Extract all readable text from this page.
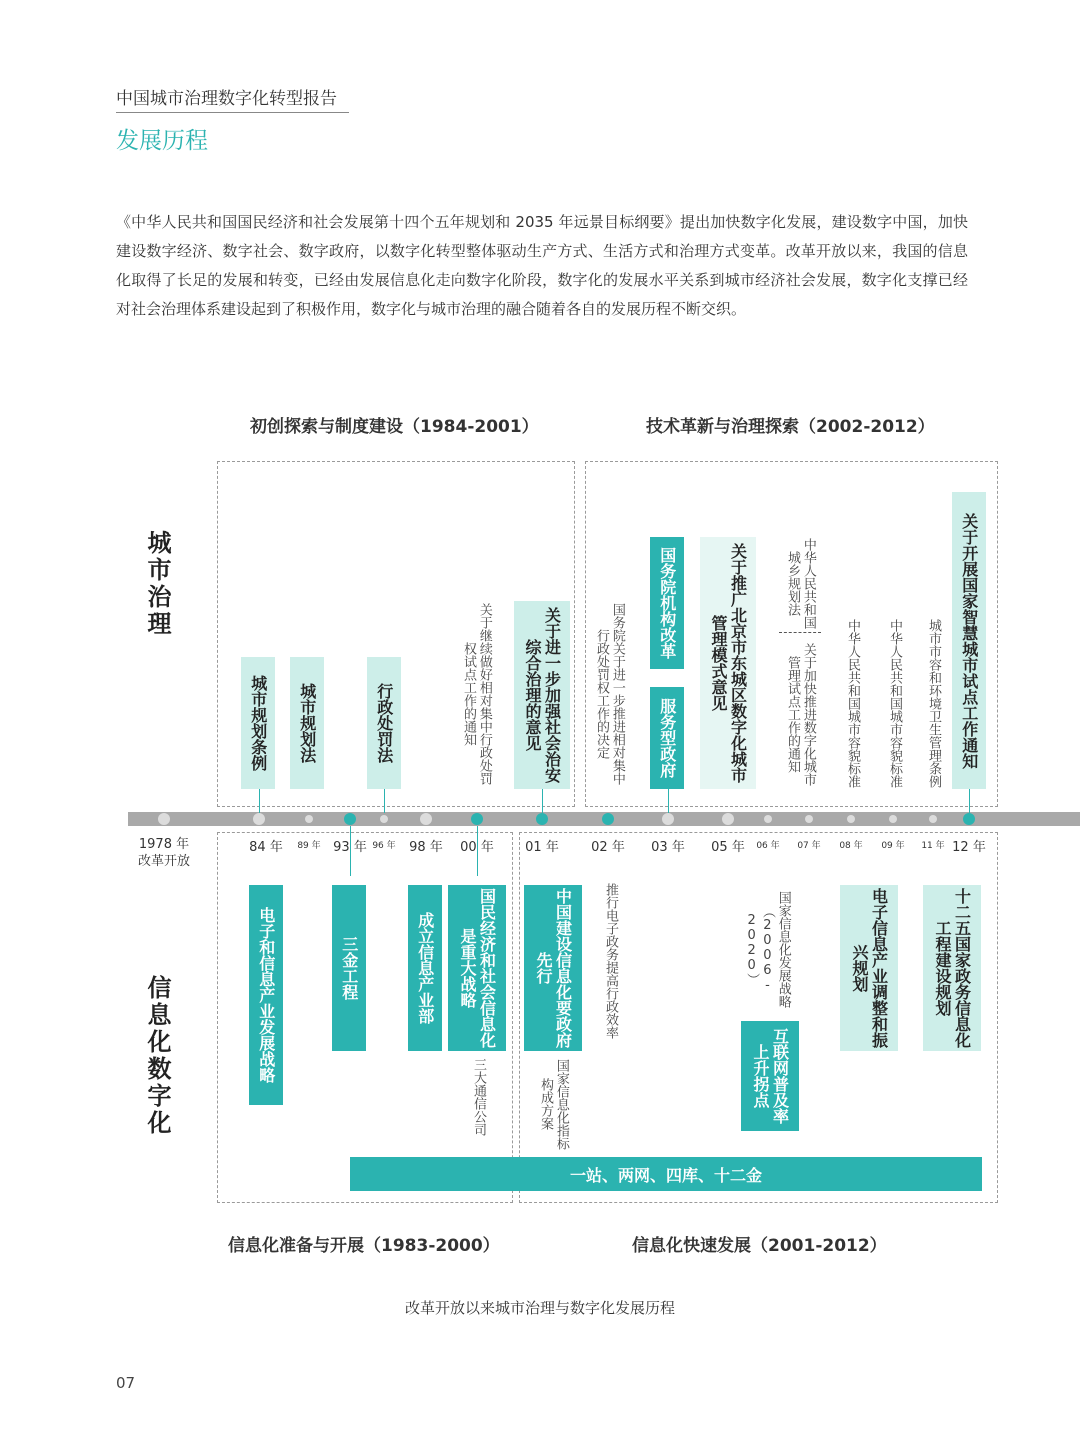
中国城市治理数字化转型报告
发展历程

《中华人民共和国国民经济和社会发展第十四个五年规划和 2035 年远景目标纲要》提出加快数字化发展，建设数字中国，加快建设数字经济、数字社会、数字政府，以数字化转型整体驱动生产方式、生活方式和治理方式变革。改革开放以来，我国的信息化取得了长足的发展和转变，已经由发展信息化走向数字化阶段，数字化的发展水平关系到城市经济社会发展，数字化支撑已经对社会治理体系建设起到了积极作用，数字化与城市治理的融合随着各自的发展历程不断交织。

初创探索与制度建设（1984-2001）	技术革新与治理探索（2002-2012）
信息化准备与开展（1983-2000）	信息化快速发展（2001-2012）
城市治理
信息化数字化
1978 年
改革开放
84 年 89 年 93 年 96 年 98 年 00 年 01 年 02 年 03 年 05 年 06 年 07 年 08 年 09 年 11 年 12 年
城市规划条例	城市规划法	行政处罚法	关于继续做好相对集中行政处罚权试点工作的通知	关于进一步加强社会治安综合治理的意见	国务院关于进一步推进相对集中行政处罚权工作的决定
国务院机构改革
服务型政府	关于推广北京市东城区数字化城市管理模式意见
中华人民共和国城乡规划法
关于加快推进数字化城市管理试点工作的通知	中华人民共和国城市容貌标准	中华人民共和国城市容貌标准	城市市容和环境卫生管理条例	关于开展国家智慧城市试点工作通知
电子和信息产业发展战略	三金工程	成立信息产业部	国民经济和社会信息化是重大战略
三大通信公司
中国建设信息化要政府先行
国家信息化指标构成方案
推行电子政务提高行政效率	国家信息化发展战略（2006-2020）
互联网普及率上升拐点
电子信息产业调整和振兴规划	十二五国家政务信息化工程建设规划
一站、两网、四库、十二金
改革开放以来城市治理与数字化发展历程
07
